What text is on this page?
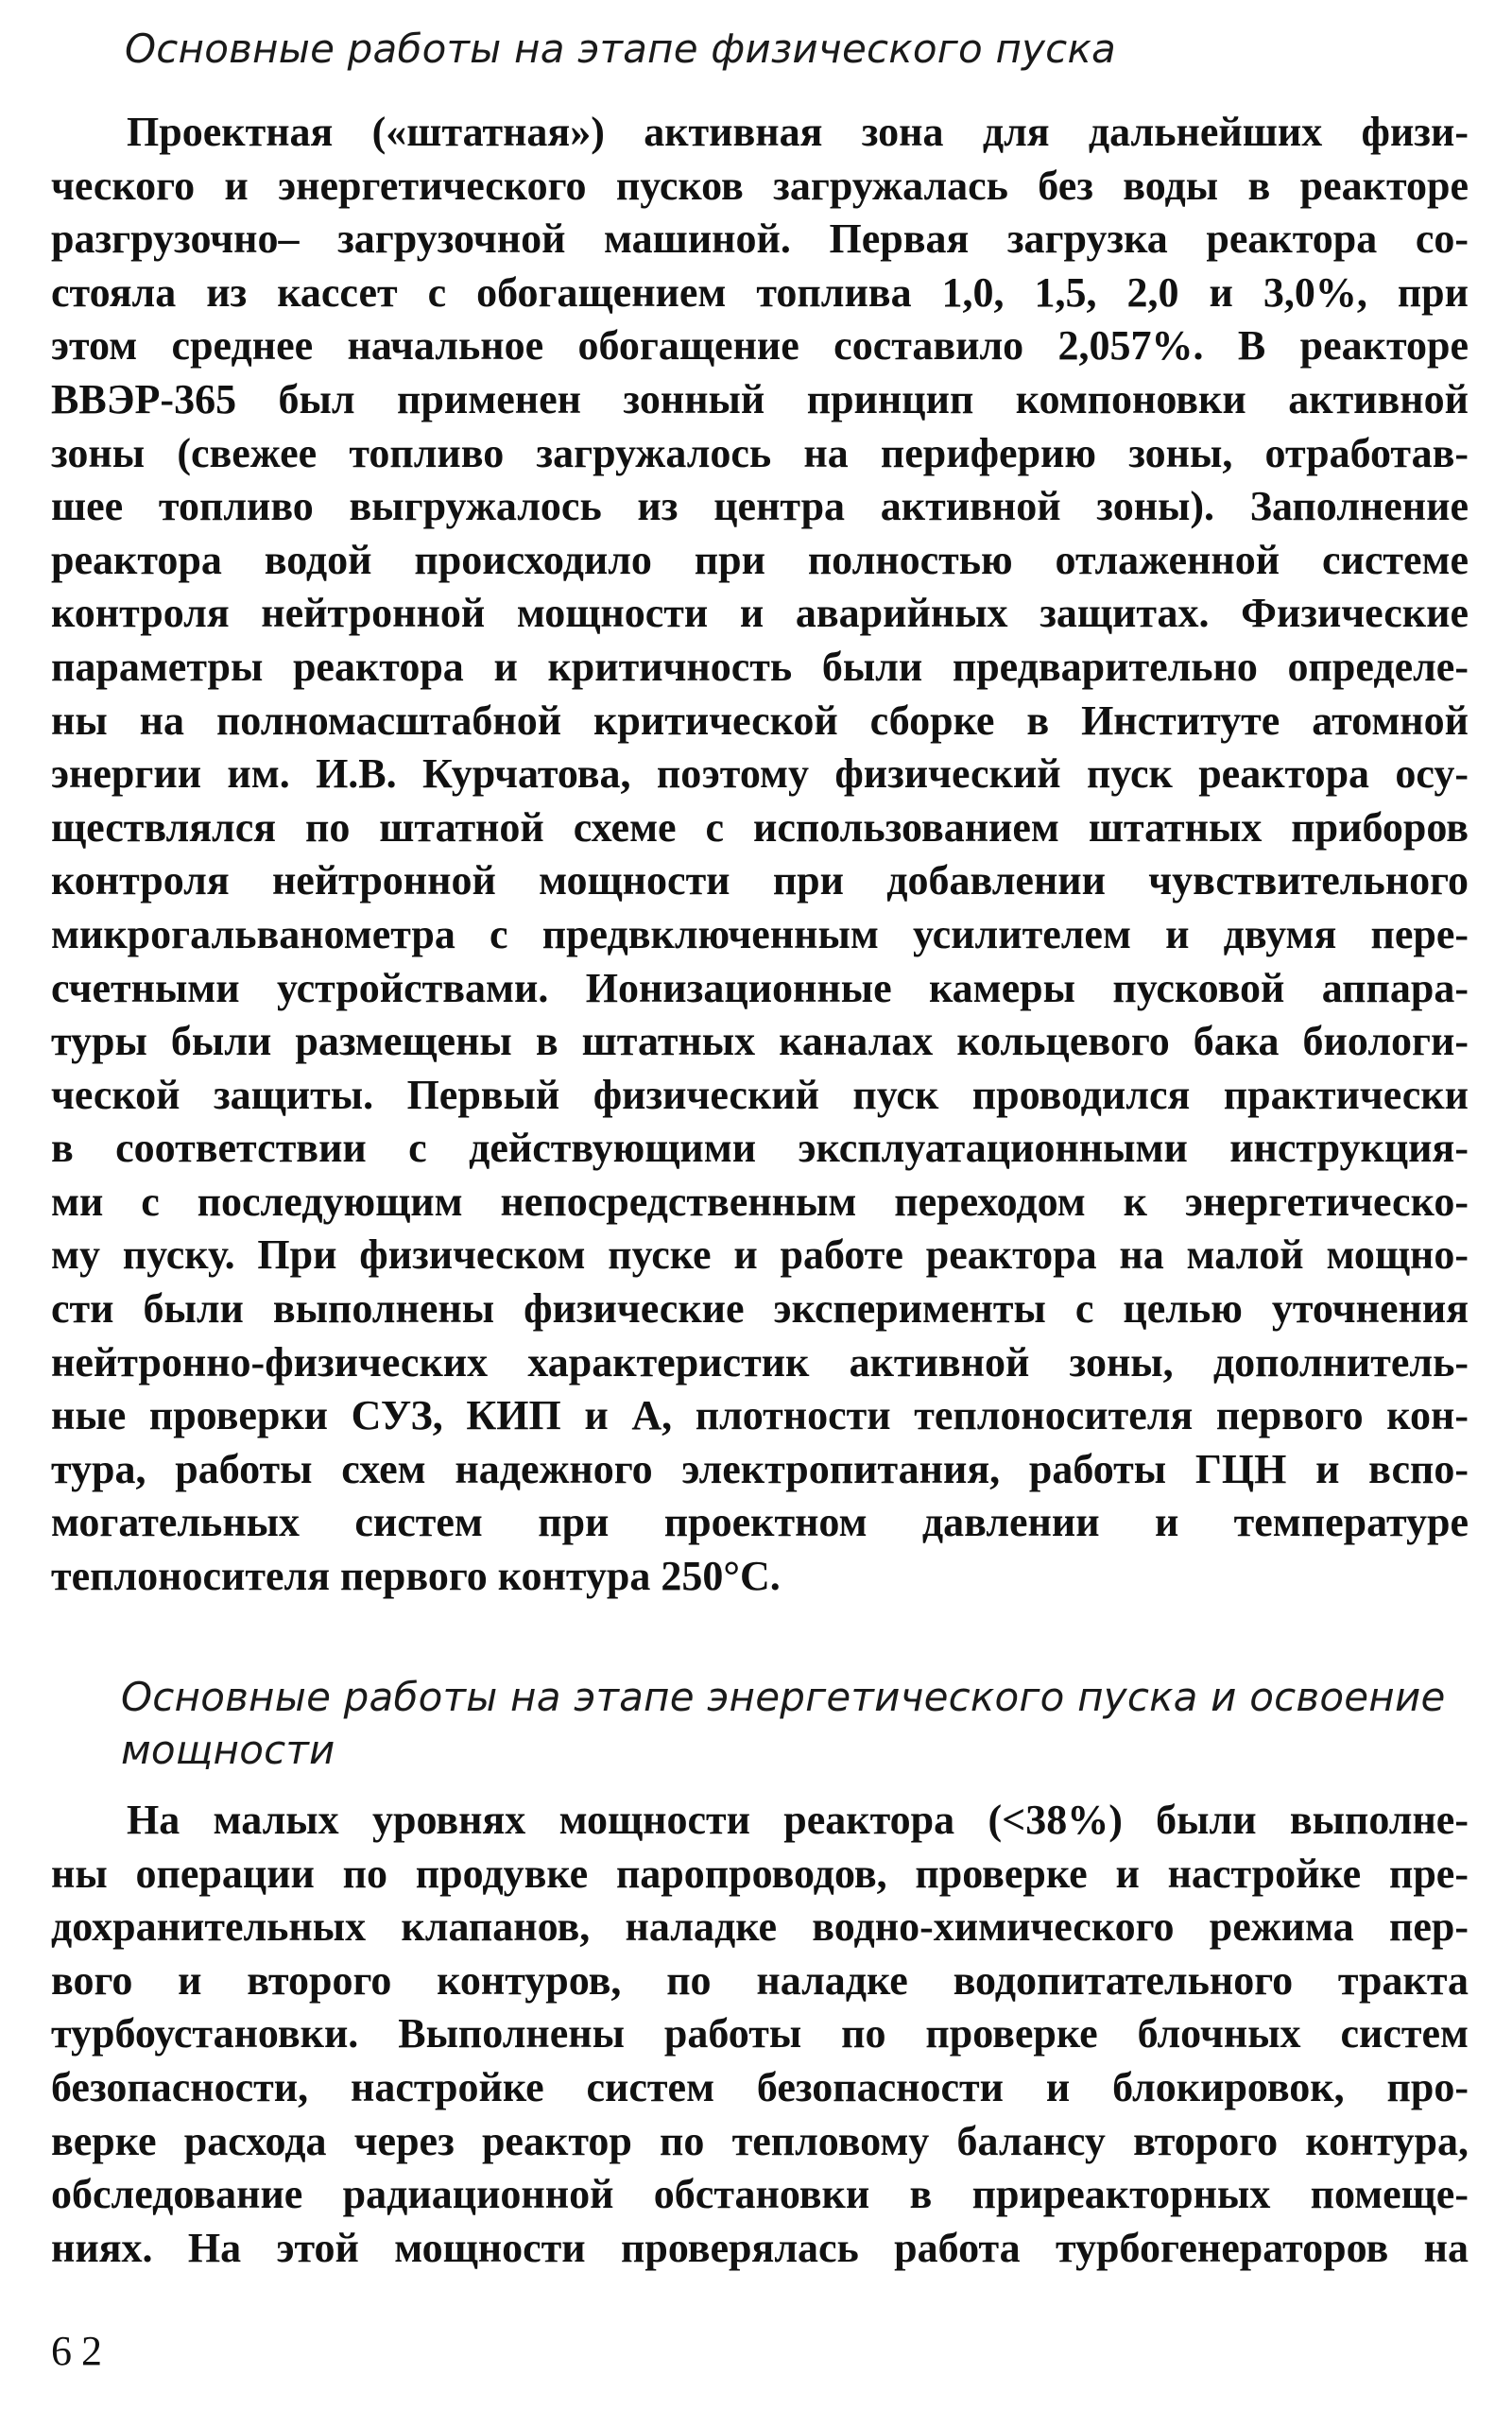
Основные работы на этапе физического пуска
Проектная («штатная») активная зона для дальнейших физи-
ческого и энергетического пусков загружалась без воды в реакторе
разгрузочно– загрузочной машиной. Первая загрузка реактора со-
стояла из кассет с обогащением топлива 1,0, 1,5, 2,0 и 3,0%, при
этом среднее начальное обогащение составило 2,057%. В реакторе
ВВЭР-365 был применен зонный принцип компоновки активной
зоны (свежее топливо загружалось на периферию зоны, отработав-
шее топливо выгружалось из центра активной зоны). Заполнение
реактора водой происходило при полностью отлаженной системе
контроля нейтронной мощности и аварийных защитах. Физические
параметры реактора и критичность были предварительно определе-
ны на полномасштабной критической сборке в Институте атомной
энергии им. И.В. Курчатова, поэтому физический пуск реактора осу-
ществлялся по штатной схеме с использованием штатных приборов
контроля нейтронной мощности при добавлении чувствительного
микрогальванометра с предвключенным усилителем и двумя пере-
счетными устройствами. Ионизационные камеры пусковой аппара-
туры были размещены в штатных каналах кольцевого бака биологи-
ческой защиты. Первый физический пуск проводился практически
в соответствии с действующими эксплуатационными инструкция-
ми с последующим непосредственным переходом к энергетическо-
му пуску. При физическом пуске и работе реактора на малой мощно-
сти были выполнены физические эксперименты с целью уточнения
нейтронно-физических характеристик активной зоны, дополнитель-
ные проверки СУЗ, КИП и А, плотности теплоносителя первого кон-
тура, работы схем надежного электропитания, работы ГЦН и вспо-
могательных систем при проектном давлении и температуре
теплоносителя первого контура 250°С.
Основные работы на этапе энергетического пуска и освоение
мощности
На малых уровнях мощности реактора (<38%) были выполне-
ны операции по продувке паропроводов, проверке и настройке пре-
дохранительных клапанов, наладке водно-химического режима пер-
вого и второго контуров, по наладке водопитательного тракта
турбоустановки. Выполнены работы по проверке блочных систем
безопасности, настройке систем безопасности и блокировок, про-
верке расхода через реактор по тепловому балансу второго контура,
обследование радиационной обстановки в приреакторных помеще-
ниях. На этой мощности проверялась работа турбогенераторов на
62
